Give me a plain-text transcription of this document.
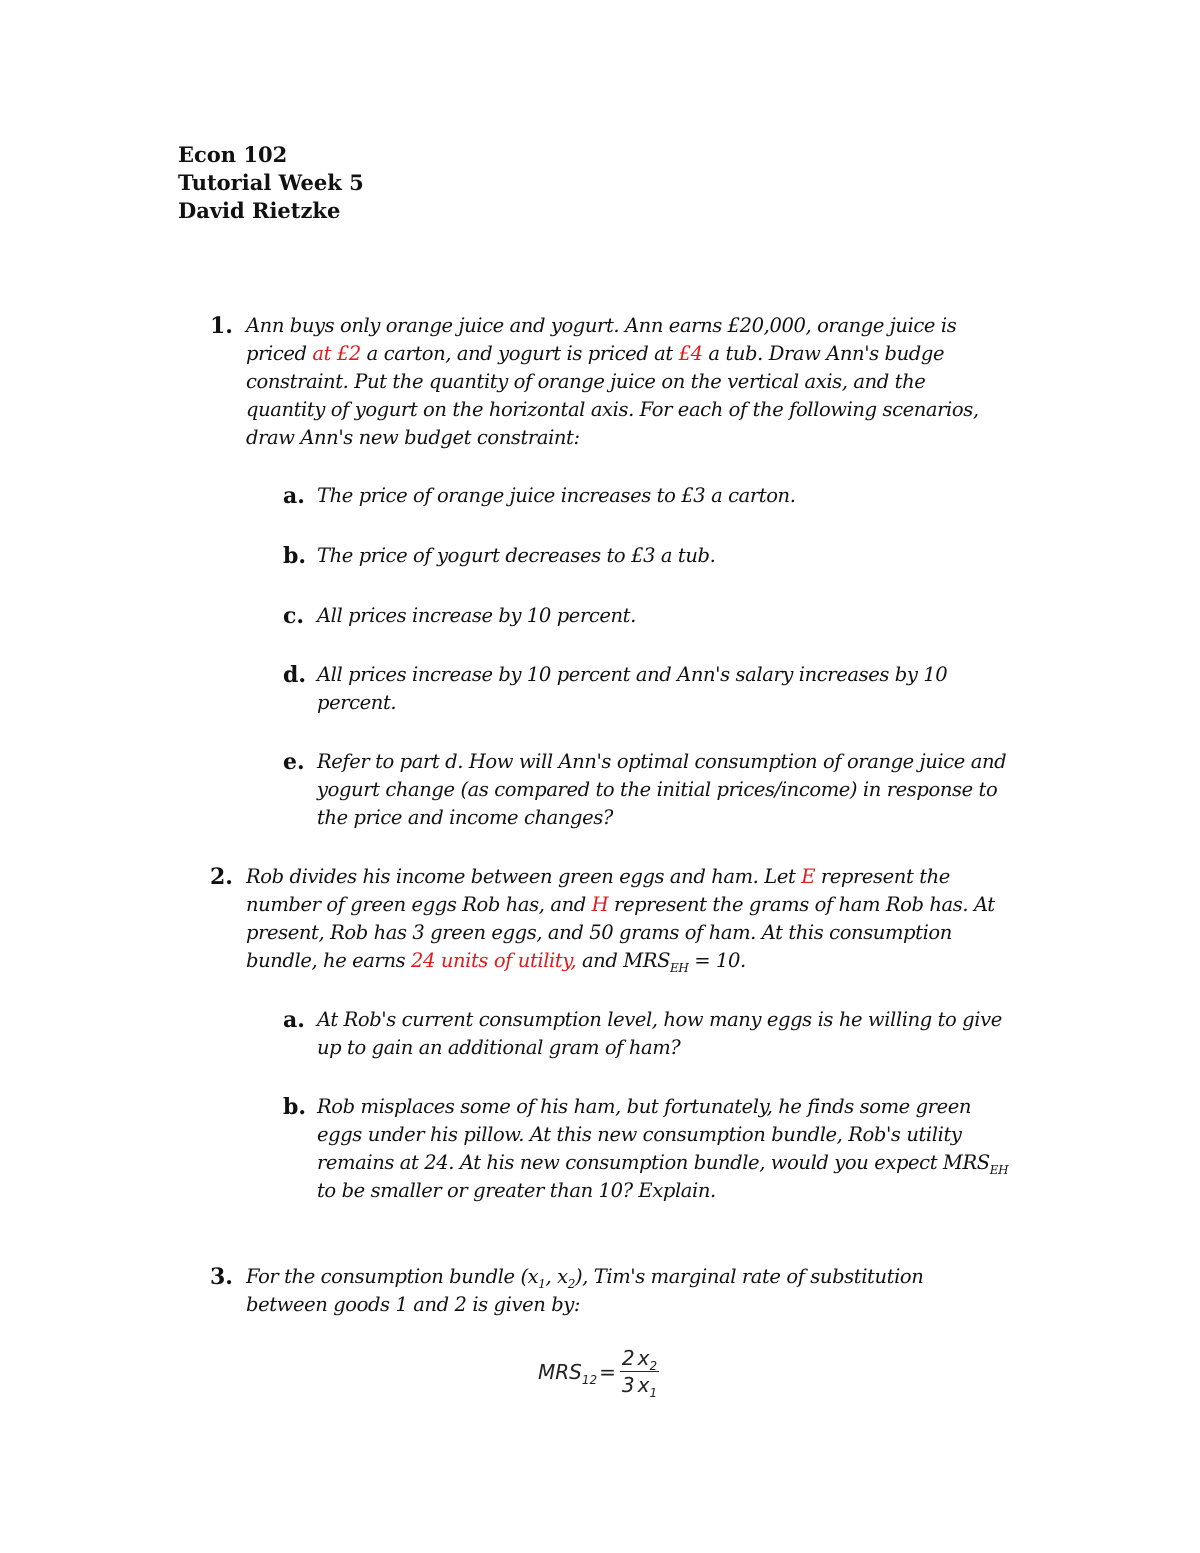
Econ 102
Tutorial Week 5
David Rietzke
1. Ann buys only orange juice and yogurt. Ann earns £20,000, orange juice is
priced at £2 a carton, and yogurt is priced at £4 a tub. Draw Ann's budge
constraint. Put the quantity of orange juice on the vertical axis, and the
quantity of yogurt on the horizontal axis. For each of the following scenarios,
draw Ann's new budget constraint:
a. The price of orange juice increases to £3 a carton.
b. The price of yogurt decreases to £3 a tub.
c. All prices increase by 10 percent.
d. All prices increase by 10 percent and Ann's salary increases by 10
percent.
e. Refer to part d. How will Ann's optimal consumption of orange juice and
yogurt change (as compared to the initial prices/income) in response to
the price and income changes?
2. Rob divides his income between green eggs and ham. Let E represent the
number of green eggs Rob has, and H represent the grams of ham Rob has. At
present, Rob has 3 green eggs, and 50 grams of ham. At this consumption
bundle, he earns 24 units of utility, and $MRS_{EH} = 10$.
a. At Rob's current consumption level, how many eggs is he willing to give
up to gain an additional gram of ham?
b. Rob misplaces some of his ham, but fortunately, he finds some green
eggs under his pillow. At this new consumption bundle, Rob's utility
remains at 24. At his new consumption bundle, would you expect $MRS_{EH}$
to be smaller or greater than 10? Explain.
3. For the consumption bundle ($x_1$, $x_2$), Tim's marginal rate of substitution
between goods 1 and 2 is given by:
$MRS_{12} = \frac{2 x_2}{3 x_1}$
